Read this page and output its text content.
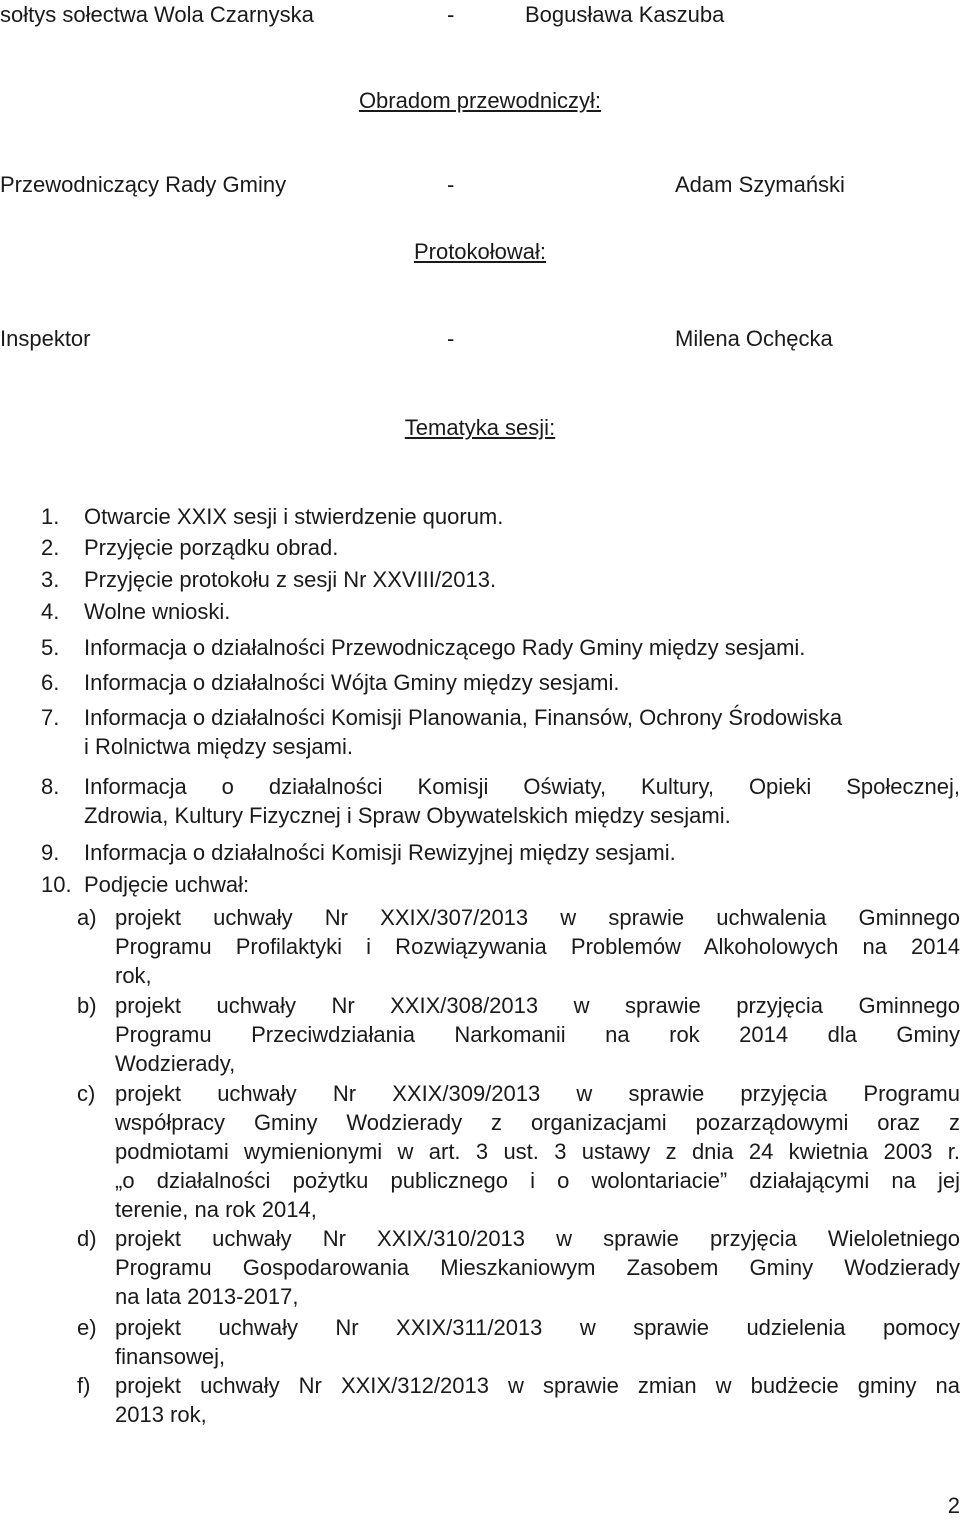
sołtys sołectwa Wola Czarnyska	-	Bogusława Kaszuba
Obradom przewodniczył:
Przewodniczący Rady Gminy	-	Adam Szymański
Protokołował:
Inspektor	-	Milena Ochęcka
Tematyka sesji:
1. Otwarcie XXIX sesji i stwierdzenie quorum.
2. Przyjęcie porządku obrad.
3. Przyjęcie protokołu z sesji Nr XXVIII/2013.
4. Wolne wnioski.
5. Informacja o działalności Przewodniczącego Rady Gminy między sesjami.
6. Informacja o działalności Wójta Gminy między sesjami.
7. Informacja o działalności Komisji Planowania, Finansów, Ochrony Środowiska
i Rolnictwa między sesjami.
8. Informacja o działalności Komisji Oświaty, Kultury, Opieki Społecznej,
Zdrowia, Kultury Fizycznej i Spraw Obywatelskich między sesjami.
9. Informacja o działalności Komisji Rewizyjnej między sesjami.
10. Podjęcie uchwał:
a) projekt uchwały Nr XXIX/307/2013 w sprawie uchwalenia Gminnego
Programu Profilaktyki i Rozwiązywania Problemów Alkoholowych na 2014
rok,
b) projekt uchwały Nr XXIX/308/2013 w sprawie przyjęcia Gminnego
Programu Przeciwdziałania Narkomanii na rok 2014 dla Gminy
Wodzierady,
c) projekt uchwały Nr XXIX/309/2013 w sprawie przyjęcia Programu
współpracy Gminy Wodzierady z organizacjami pozarządowymi oraz z
podmiotami wymienionymi w art. 3 ust. 3 ustawy z dnia 24 kwietnia 2003 r.
„o działalności pożytku publicznego i o wolontariacie” działającymi na jej
terenie, na rok 2014,
d) projekt uchwały Nr XXIX/310/2013 w sprawie przyjęcia Wieloletniego
Programu Gospodarowania Mieszkaniowym Zasobem Gminy Wodzierady
na lata 2013-2017,
e) projekt uchwały Nr XXIX/311/2013 w sprawie udzielenia pomocy
finansowej,
f) projekt uchwały Nr XXIX/312/2013 w sprawie zmian w budżecie gminy na
2013 rok,
2
